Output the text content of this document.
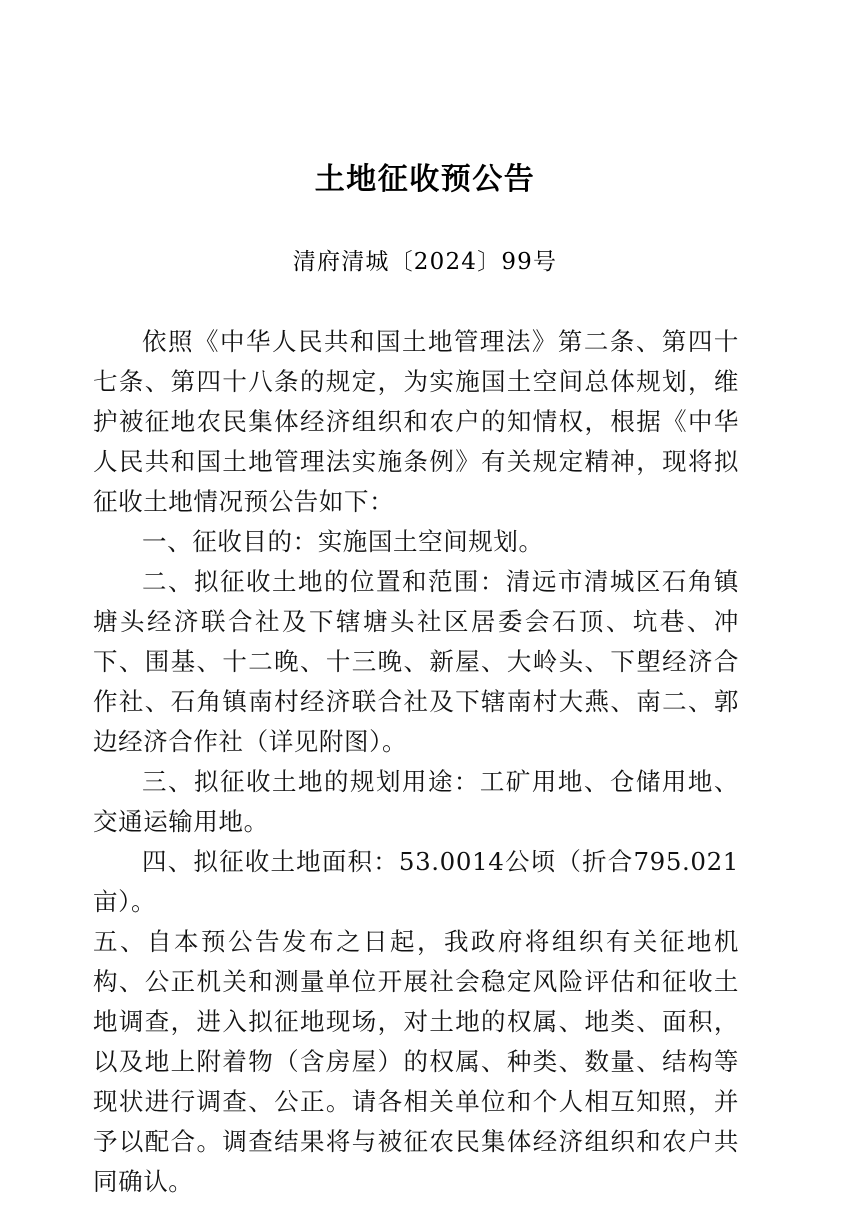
土地征收预公告
清府清城〔2024〕99号

依照《中华人民共和国土地管理法》第二条、第四十七条、第四十八条的规定，为实施国土空间总体规划，维护被征地农民集体经济组织和农户的知情权，根据《中华人民共和国土地管理法实施条例》有关规定精神，现将拟征收土地情况预公告如下：

一、征收目的：实施国土空间规划。

二、拟征收土地的位置和范围：清远市清城区石角镇塘头经济联合社及下辖塘头社区居委会石顶、坑巷、冲下、围基、十二晚、十三晚、新屋、大岭头、下塱经济合作社、石角镇南村经济联合社及下辖南村大燕、南二、郭边经济合作社（详见附图）。

三、拟征收土地的规划用途：工矿用地、仓储用地、交通运输用地。

四、拟征收土地面积：53.0014公顷（折合795.021亩）。

五、自本预公告发布之日起，我政府将组织有关征地机构、公正机关和测量单位开展社会稳定风险评估和征收土地调查，进入拟征地现场，对土地的权属、地类、面积，以及地上附着物（含房屋）的权属、种类、数量、结构等现状进行调查、公正。请各相关单位和个人相互知照，并予以配合。调查结果将与被征农民集体经济组织和农户共同确认。
